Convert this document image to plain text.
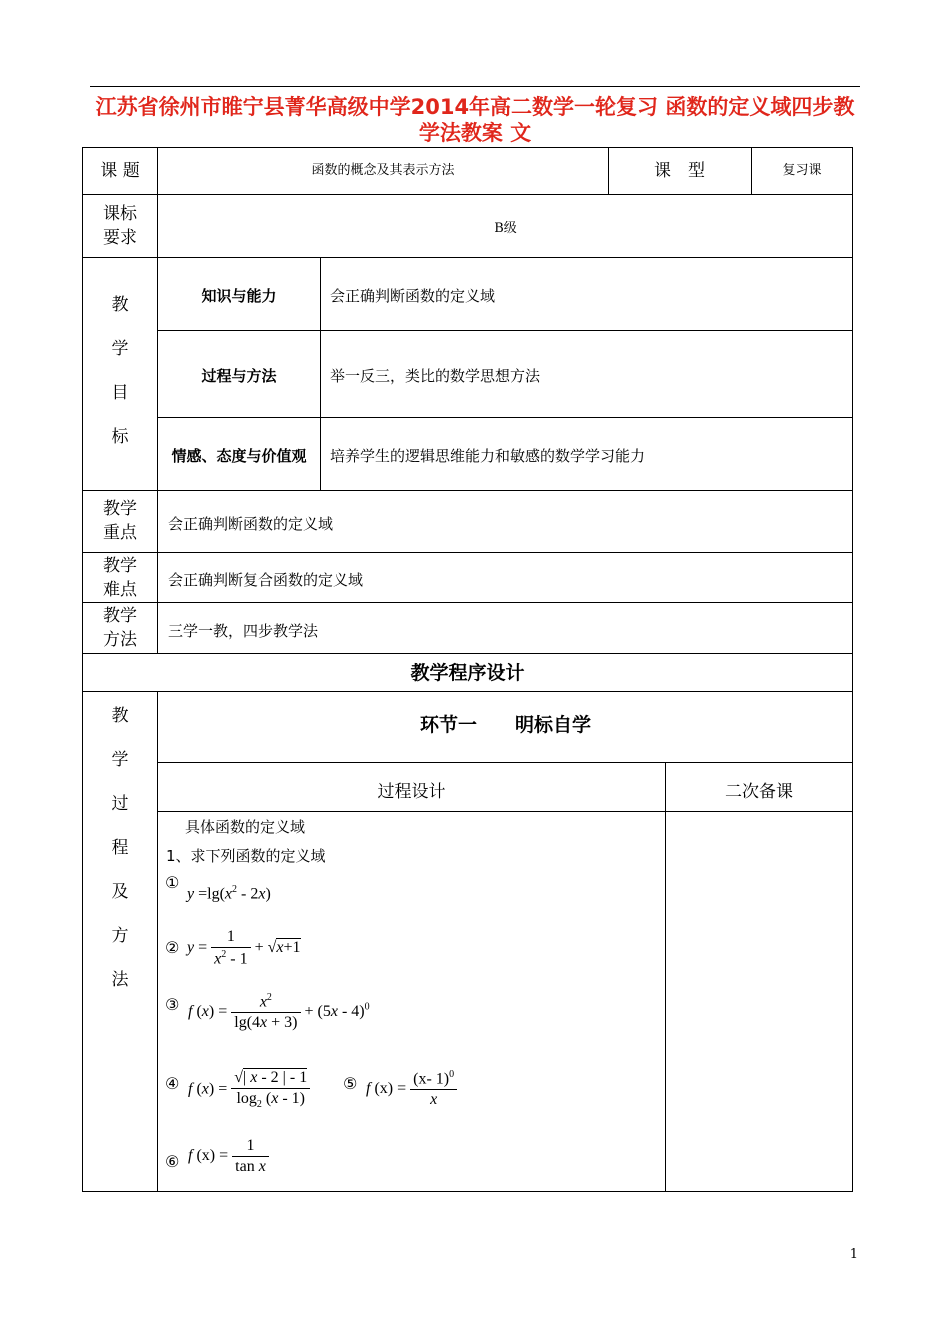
江苏省徐州市睢宁县菁华高级中学2014年高二数学一轮复习 函数的定义域四步教学法教案 文
课 题	函数的概念及其表示方法	课　型	复习课
课标
要求	B级
教
学
目
标
知识与能力	会正确判断函数的定义域
过程与方法	举一反三，类比的数学思想方法
情感、态度与价值观	培养学生的逻辑思维能力和敏感的数学学习能力
教学
重点	会正确判断函数的定义域
教学
难点	会正确判断复合函数的定义域
教学
方法	三学一教，四步教学法
教学程序设计
教
学
过
程
及
方
法
环节一　　明标自学
过程设计	二次备课
具体函数的定义域
1、求下列函数的定义域
①
$y =\lg(x^2 - 2x)$
② $y = \frac{1}{x^2 - 1} + √x+1$
③ f $(x) = \frac{x^2}{\lg(4x + 3)} + (5x - 4)^0$
④ f $(x) = \frac{√| x - 2 | - 1}{\log_2 (x - 1)}$ ⑤ f $(x) = \frac{(x- 1)^0}{x}$
⑥ f $(x) = \frac{1}{\text{tan x}}$
1
